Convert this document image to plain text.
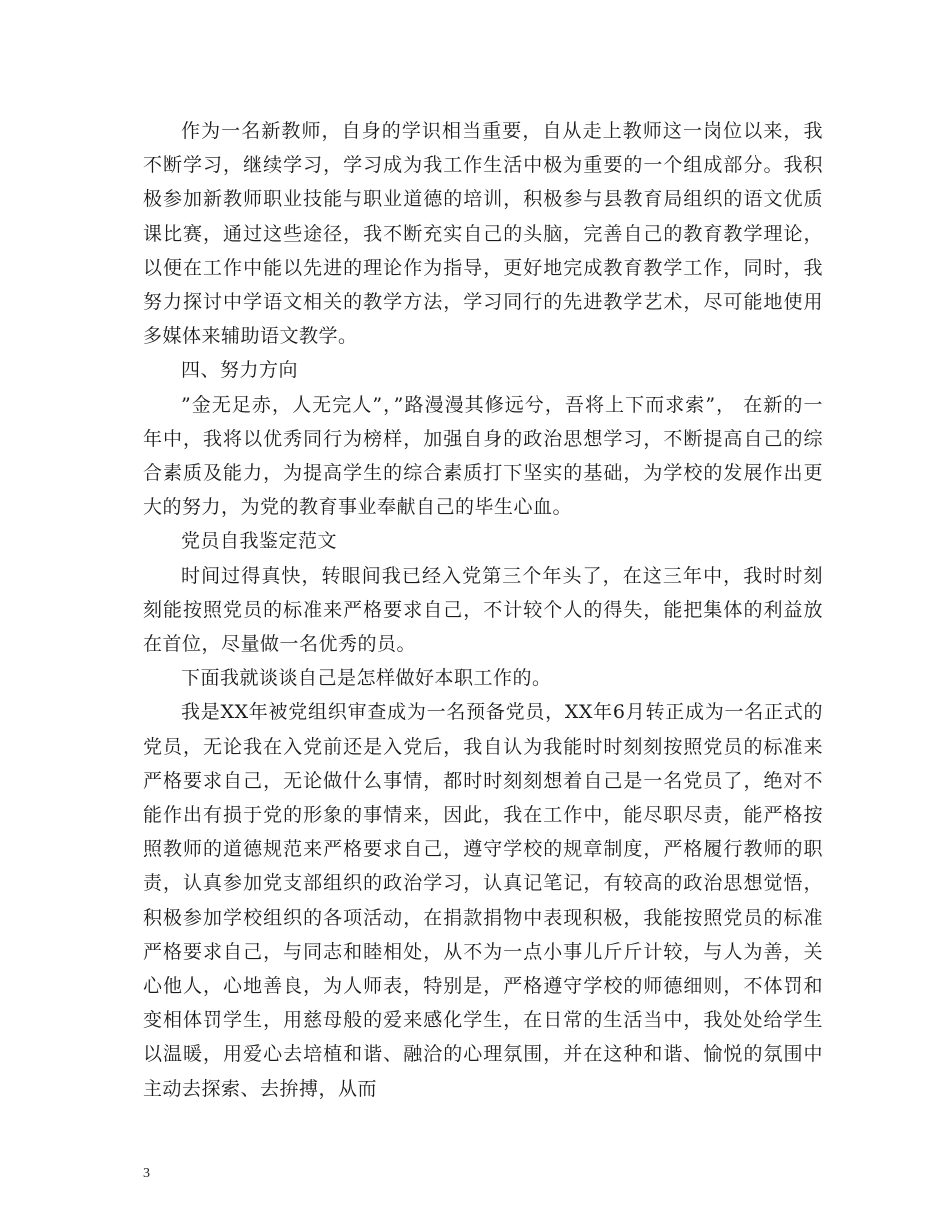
作为一名新教师，自身的学识相当重要，自从走上教师这一岗位以来，我不断学习，继续学习，学习成为我工作生活中极为重要的一个组成部分。我积极参加新教师职业技能与职业道德的培训，积极参与县教育局组织的语文优质课比赛，通过这些途径，我不断充实自己的头脑，完善自己的教育教学理论，以便在工作中能以先进的理论作为指导，更好地完成教育教学工作，同时，我努力探讨中学语文相关的教学方法，学习同行的先进教学艺术，尽可能地使用多媒体来辅助语文教学。

四、努力方向

”金无足赤，人无完人”，”路漫漫其修远兮，吾将上下而求索”， 在新的一年中，我将以优秀同行为榜样，加强自身的政治思想学习，不断提高自己的综合素质及能力，为提高学生的综合素质打下坚实的基础，为学校的发展作出更大的努力，为党的教育事业奉献自己的毕生心血。

党员自我鉴定范文

时间过得真快，转眼间我已经入党第三个年头了，在这三年中，我时时刻刻能按照党员的标准来严格要求自己，不计较个人的得失，能把集体的利益放在首位，尽量做一名优秀的员。

下面我就谈谈自己是怎样做好本职工作的。

我是XX年被党组织审查成为一名预备党员，XX年6月转正成为一名正式的党员，无论我在入党前还是入党后，我自认为我能时时刻刻按照党员的标准来严格要求自己，无论做什么事情，都时时刻刻想着自己是一名党员了，绝对不能作出有损于党的形象的事情来，因此，我在工作中，能尽职尽责，能严格按照教师的道德规范来严格要求自己，遵守学校的规章制度，严格履行教师的职责，认真参加党支部组织的政治学习，认真记笔记，有较高的政治思想觉悟，积极参加学校组织的各项活动，在捐款捐物中表现积极，我能按照党员的标准严格要求自己，与同志和睦相处，从不为一点小事儿斤斤计较，与人为善，关心他人，心地善良，为人师表，特别是，严格遵守学校的师德细则，不体罚和变相体罚学生，用慈母般的爱来感化学生，在日常的生活当中，我处处给学生以温暖，用爱心去培植和谐、融洽的心理氛围，并在这种和谐、愉悦的氛围中主动去探索、去拚搏，从而

3
